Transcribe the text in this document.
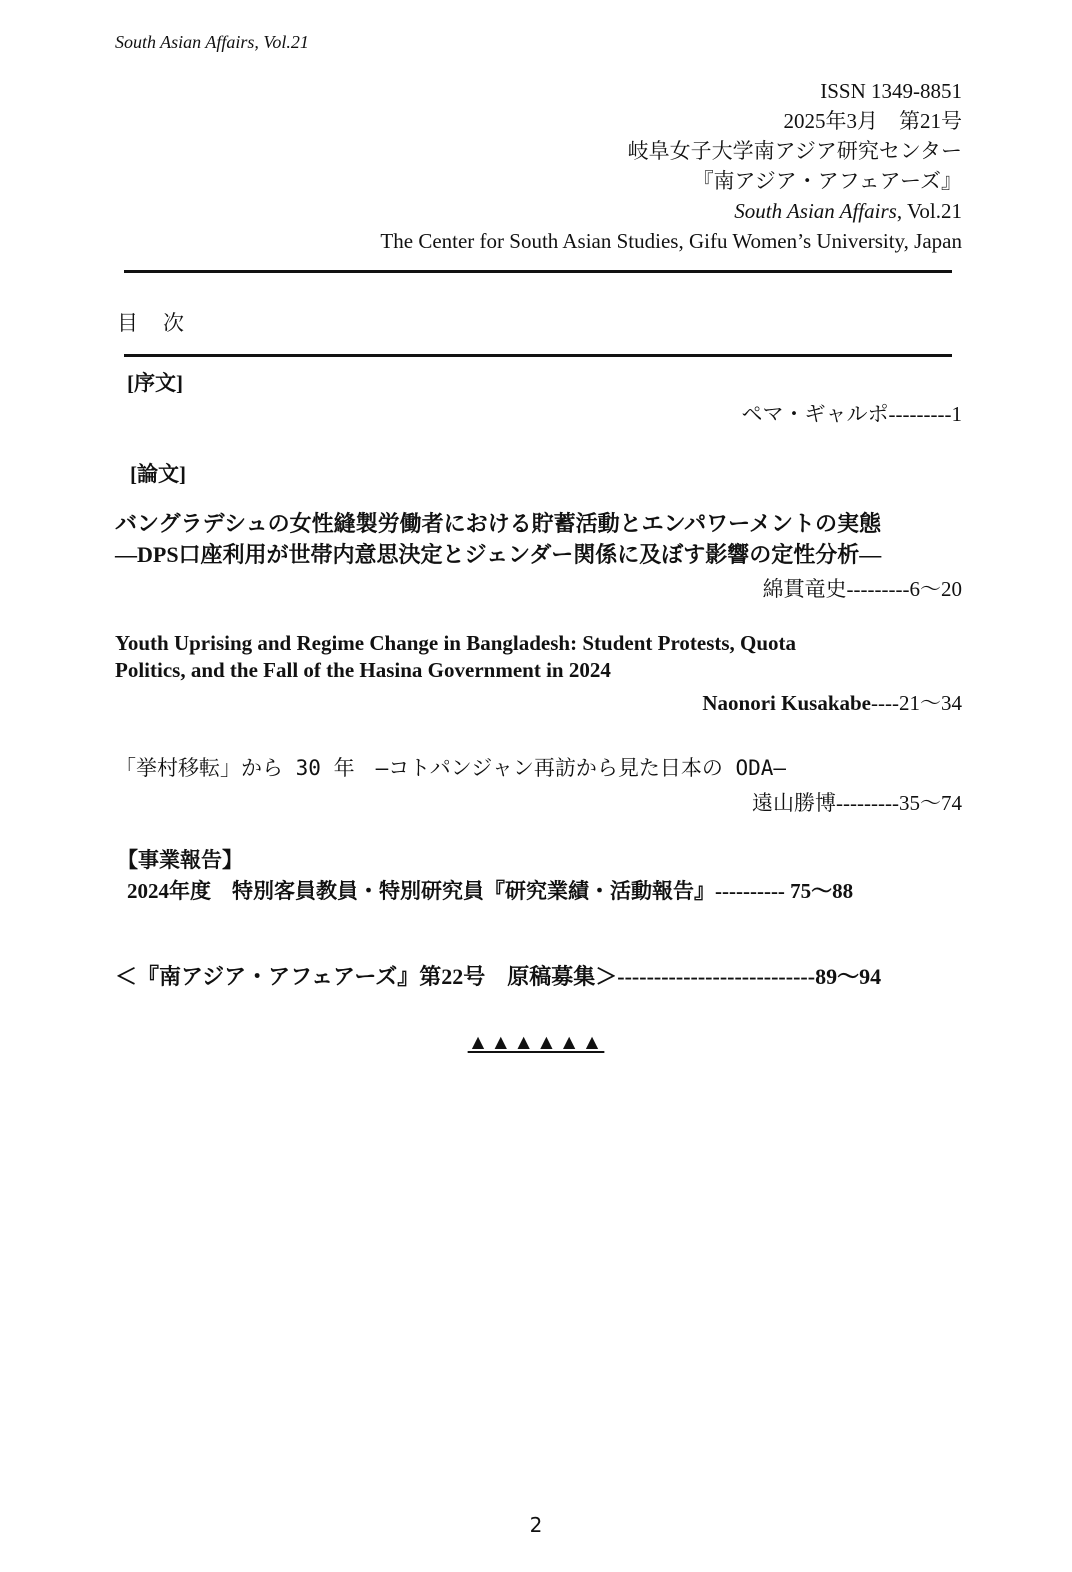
South Asian Affairs, Vol.21
ISSN 1349-8851
2025年3月　第21号
岐阜女子大学南アジア研究センター
『南アジア・アフェアーズ』
South Asian Affairs, Vol.21
The Center for South Asian Studies, Gifu Women’s University, Japan
目　次
[序文]
ペマ・ギャルポ---------1
[論文]
バングラデシュの女性縫製労働者における貯蓄活動とエンパワーメントの実態
―DPS口座利用が世帯内意思決定とジェンダー関係に及ぼす影響の定性分析―
綿貫竜史---------6～20
Youth Uprising and Regime Change in Bangladesh: Student Protests, Quota
Politics, and the Fall of the Hasina Government in 2024
Naonori Kusakabe----21～34
「挙村移転」から 30 年　–コトパンジャン再訪から見た日本の ODA–
遠山勝博---------35～74
【事業報告】
2024年度　特別客員教員・特別研究員『研究業績・活動報告』---------- 75～88
＜『南アジア・アフェアーズ』第22号　原稿募集＞---------------------------89～94
▲▲▲▲▲▲
2
